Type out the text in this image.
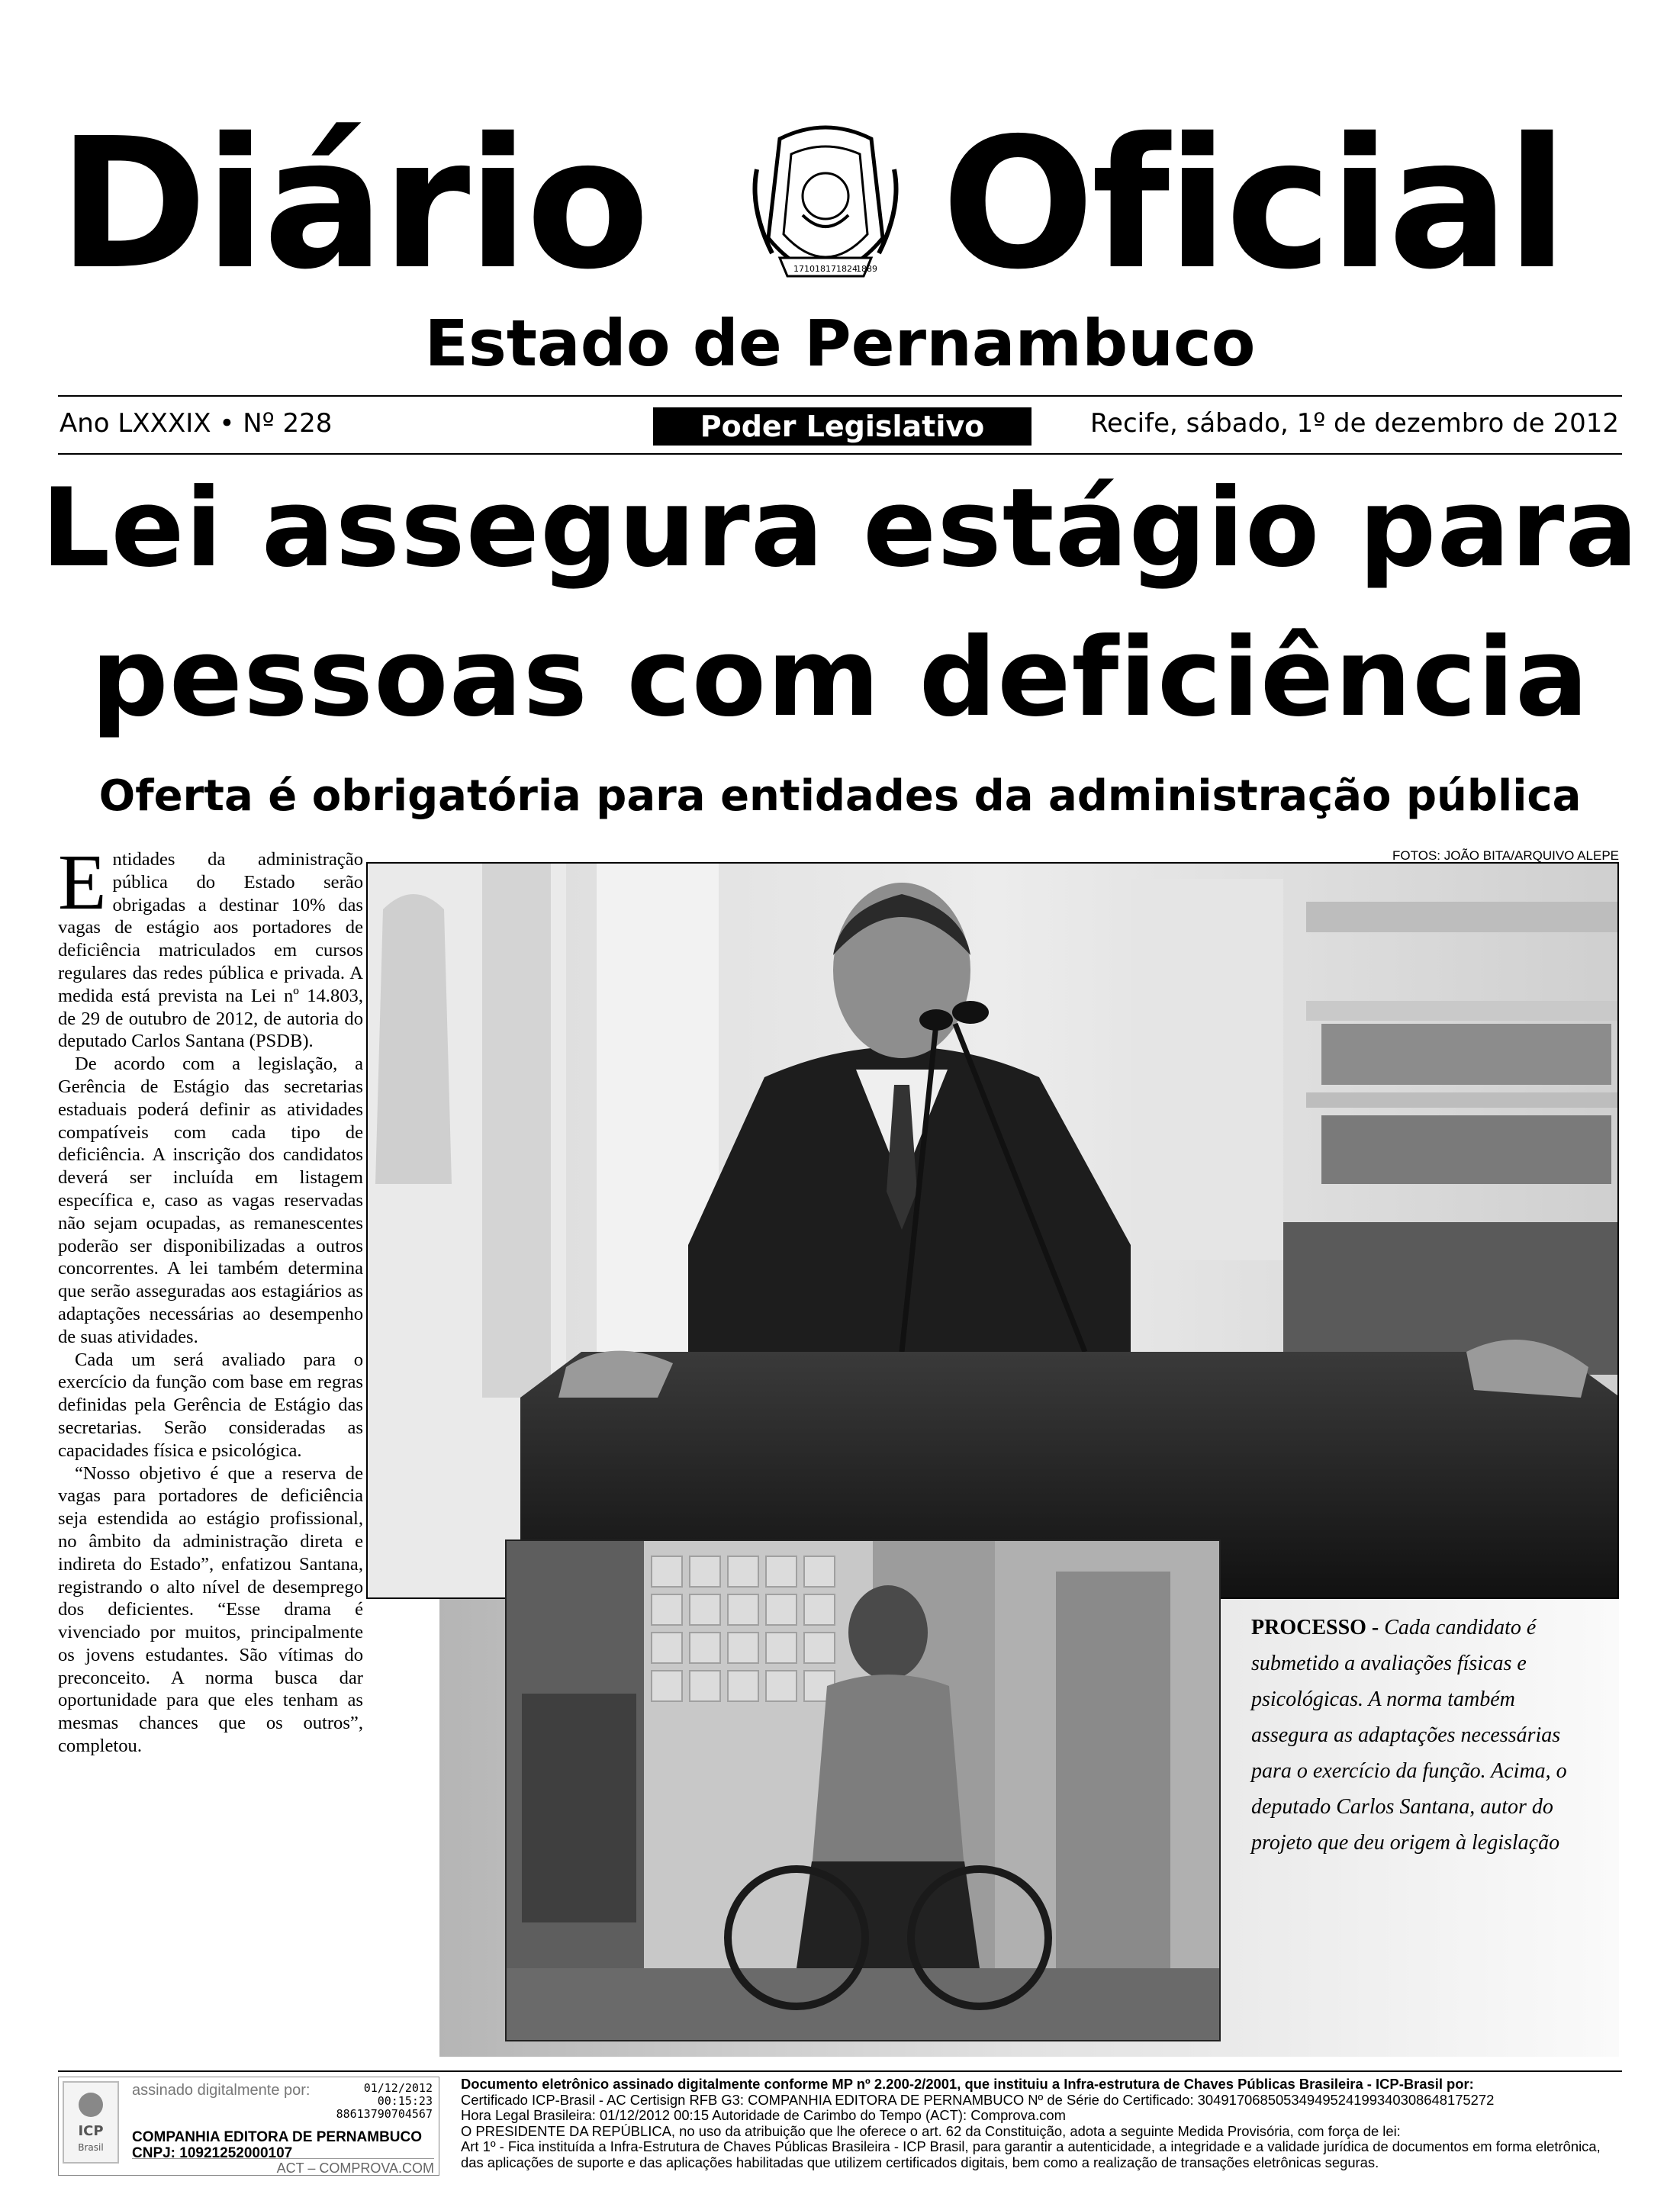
Diário	1710 1817 1824
1889 Oficial
Estado de Pernambuco
Ano LXXXIX • Nº 228	Poder Legislativo	Recife, sábado, 1º de dezembro de 2012
Lei assegura estágio para
pessoas com deficiência
Oferta é obrigatória para entidades da administração pública

Entidades da administração pública do Estado serão obrigadas a destinar 10% das vagas de estágio aos portadores de deficiência matriculados em cursos regulares das redes pública e privada. A medida está prevista na Lei nº 14.803, de 29 de outubro de 2012, de autoria do deputado Carlos Santana (PSDB).

De acordo com a legislação, a Gerência de Estágio das secretarias estaduais poderá definir as atividades compatíveis com cada tipo de deficiência. A inscrição dos candidatos deverá ser incluída em listagem específica e, caso as vagas reservadas não sejam ocupadas, as remanescentes poderão ser disponibilizadas a outros concorrentes. A lei também determina que serão asseguradas aos estagiários as adaptações necessárias ao desempenho de suas atividades.

Cada um será avaliado para o exercício da função com base em regras definidas pela Gerência de Estágio das secretarias. Serão consideradas as capacidades física e psicológica.

“Nosso objetivo é que a reserva de vagas para portadores de deficiência seja estendida ao estágio profissional, no âmbito da administração direta e indireta do Estado”, enfatizou Santana, registrando o alto nível de desemprego dos deficientes. “Esse drama é vivenciado por muitos, principalmente os jovens estudantes. São vítimas do preconceito. A norma busca dar oportunidade para que eles tenham as mesmas chances que os outros”, completou.

FOTOS: JOÃO BITA/ARQUIVO ALEPE
PROCESSO - Cada candidato é submetido a avaliações físicas e psicológicas. A norma também assegura as adaptações necessárias para o exercício da função. Acima, o deputado Carlos Santana, autor do projeto que deu origem à legislação
ICP
Brasil
assinado digitalmente por:	01/12/2012
00:15:23
88613790704567
COMPANHIA EDITORA DE PERNAMBUCO
CNPJ: 10921252000107
ACT – COMPROVA.COM
Documento eletrônico assinado digitalmente conforme MP nº 2.200-2/2001, que instituiu a Infra-estrutura de Chaves Públicas Brasileira - ICP-Brasil por:
Certificado ICP-Brasil - AC Certisign RFB G3: COMPANHIA EDITORA DE PERNAMBUCO Nº de Série do Certificado: 304917068505349495241993403086481​75272
Hora Legal Brasileira: 01/12/2012 00:15 Autoridade de Carimbo do Tempo (ACT): Comprova.com
O PRESIDENTE DA REPÚBLICA, no uso da atribuição que lhe oferece o art. 62 da Constituição, adota a seguinte Medida Provisória, com força de lei:
Art 1º - Fica instituída a Infra-Estrutura de Chaves Públicas Brasileira - ICP Brasil, para garantir a autenticidade, a integridade e a validade jurídica de documentos em forma eletrônica,
das aplicações de suporte e das aplicações habilitadas que utilizem certificados digitais, bem como a realização de transações eletrônicas seguras.
